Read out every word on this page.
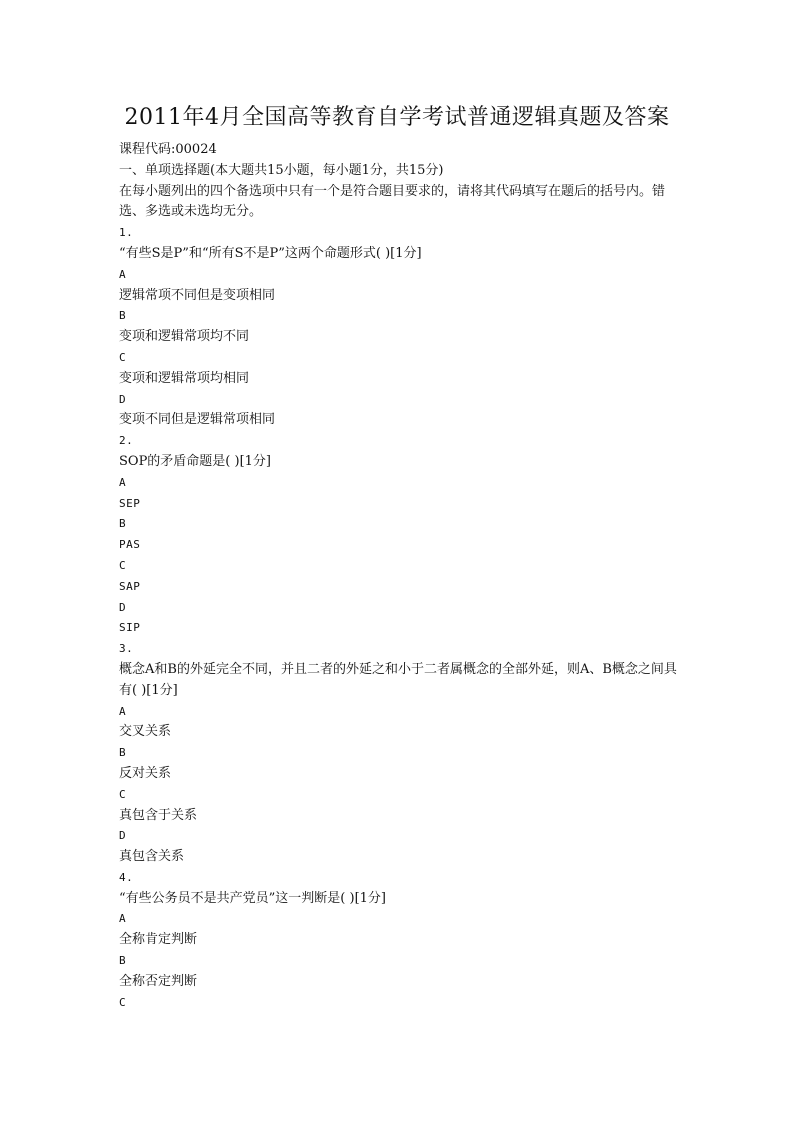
2011年4月全国高等教育自学考试普通逻辑真题及答案
课程代码:00024
一、单项选择题(本大题共15小题，每小题1分，共15分)
在每小题列出的四个备选项中只有一个是符合题目要求的，请将其代码填写在题后的括号内。错选、多选或未选均无分。
1.
“有些S是P”和“所有S不是P”这两个命题形式( )[1分]
A
逻辑常项不同但是变项相同
B
变项和逻辑常项均不同
C
变项和逻辑常项均相同
D
变项不同但是逻辑常项相同
2.
SOP的矛盾命题是( )[1分]
A
SEP
B
PAS
C
SAP
D
SIP
3.
概念A和B的外延完全不同，并且二者的外延之和小于二者属概念的全部外延，则A、B概念之间具有( )[1分]
A
交叉关系
B
反对关系
C
真包含于关系
D
真包含关系
4.
“有些公务员不是共产党员”这一判断是( )[1分]
A
全称肯定判断
B
全称否定判断
C
